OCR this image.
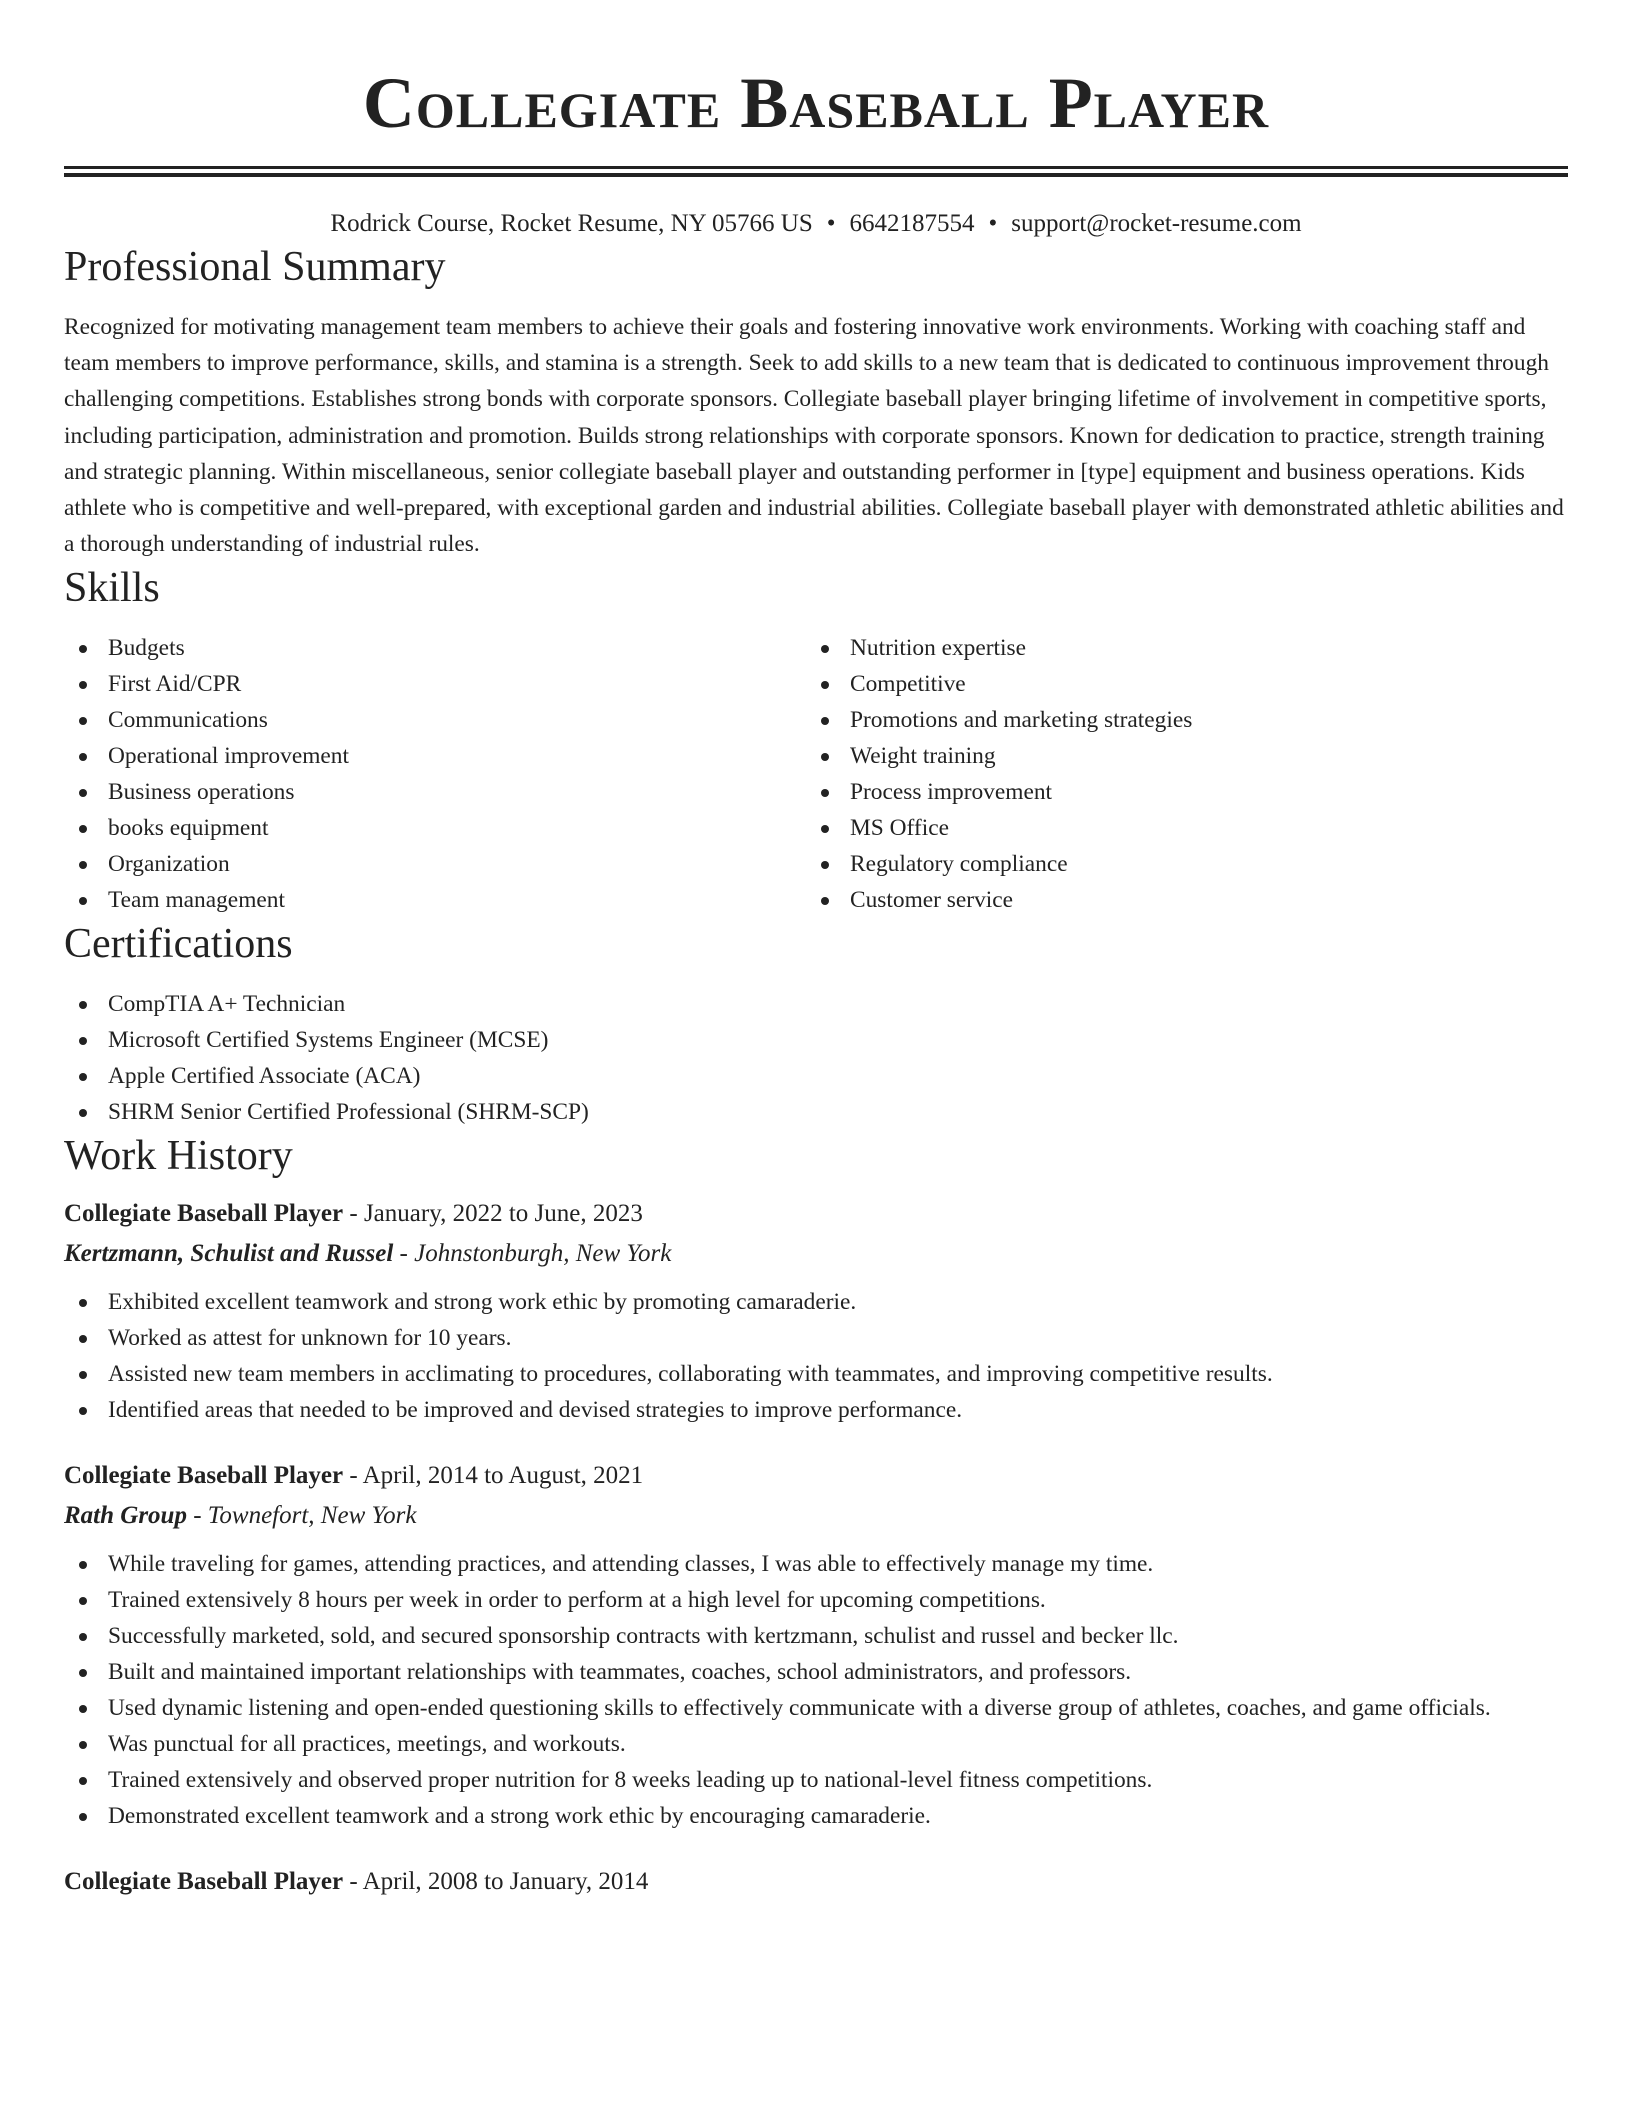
Collegiate Baseball Player
Rodrick Course, Rocket Resume, NY 05766 US • 6642187554 • support@rocket-resume.com
Professional Summary
Recognized for motivating management team members to achieve their goals and fostering innovative work environments. Working with coaching staff and team members to improve performance, skills, and stamina is a strength. Seek to add skills to a new team that is dedicated to continuous improvement through challenging competitions. Establishes strong bonds with corporate sponsors. Collegiate baseball player bringing lifetime of involvement in competitive sports, including participation, administration and promotion. Builds strong relationships with corporate sponsors. Known for dedication to practice, strength training and strategic planning. Within miscellaneous, senior collegiate baseball player and outstanding performer in [type] equipment and business operations. Kids athlete who is competitive and well-prepared, with exceptional garden and industrial abilities. Collegiate baseball player with demonstrated athletic abilities and a thorough understanding of industrial rules.
Skills
Budgets
First Aid/CPR
Communications
Operational improvement
Business operations
books equipment
Organization
Team management
Nutrition expertise
Competitive
Promotions and marketing strategies
Weight training
Process improvement
MS Office
Regulatory compliance
Customer service
Certifications
CompTIA A+ Technician
Microsoft Certified Systems Engineer (MCSE)
Apple Certified Associate (ACA)
SHRM Senior Certified Professional (SHRM-SCP)
Work History
Collegiate Baseball Player - January, 2022 to June, 2023
Kertzmann, Schulist and Russel - Johnstonburgh, New York
Exhibited excellent teamwork and strong work ethic by promoting camaraderie.
Worked as attest for unknown for 10 years.
Assisted new team members in acclimating to procedures, collaborating with teammates, and improving competitive results.
Identified areas that needed to be improved and devised strategies to improve performance.
Collegiate Baseball Player - April, 2014 to August, 2021
Rath Group - Townefort, New York
While traveling for games, attending practices, and attending classes, I was able to effectively manage my time.
Trained extensively 8 hours per week in order to perform at a high level for upcoming competitions.
Successfully marketed, sold, and secured sponsorship contracts with kertzmann, schulist and russel and becker llc.
Built and maintained important relationships with teammates, coaches, school administrators, and professors.
Used dynamic listening and open-ended questioning skills to effectively communicate with a diverse group of athletes, coaches, and game officials.
Was punctual for all practices, meetings, and workouts.
Trained extensively and observed proper nutrition for 8 weeks leading up to national-level fitness competitions.
Demonstrated excellent teamwork and a strong work ethic by encouraging camaraderie.
Collegiate Baseball Player - April, 2008 to January, 2014
